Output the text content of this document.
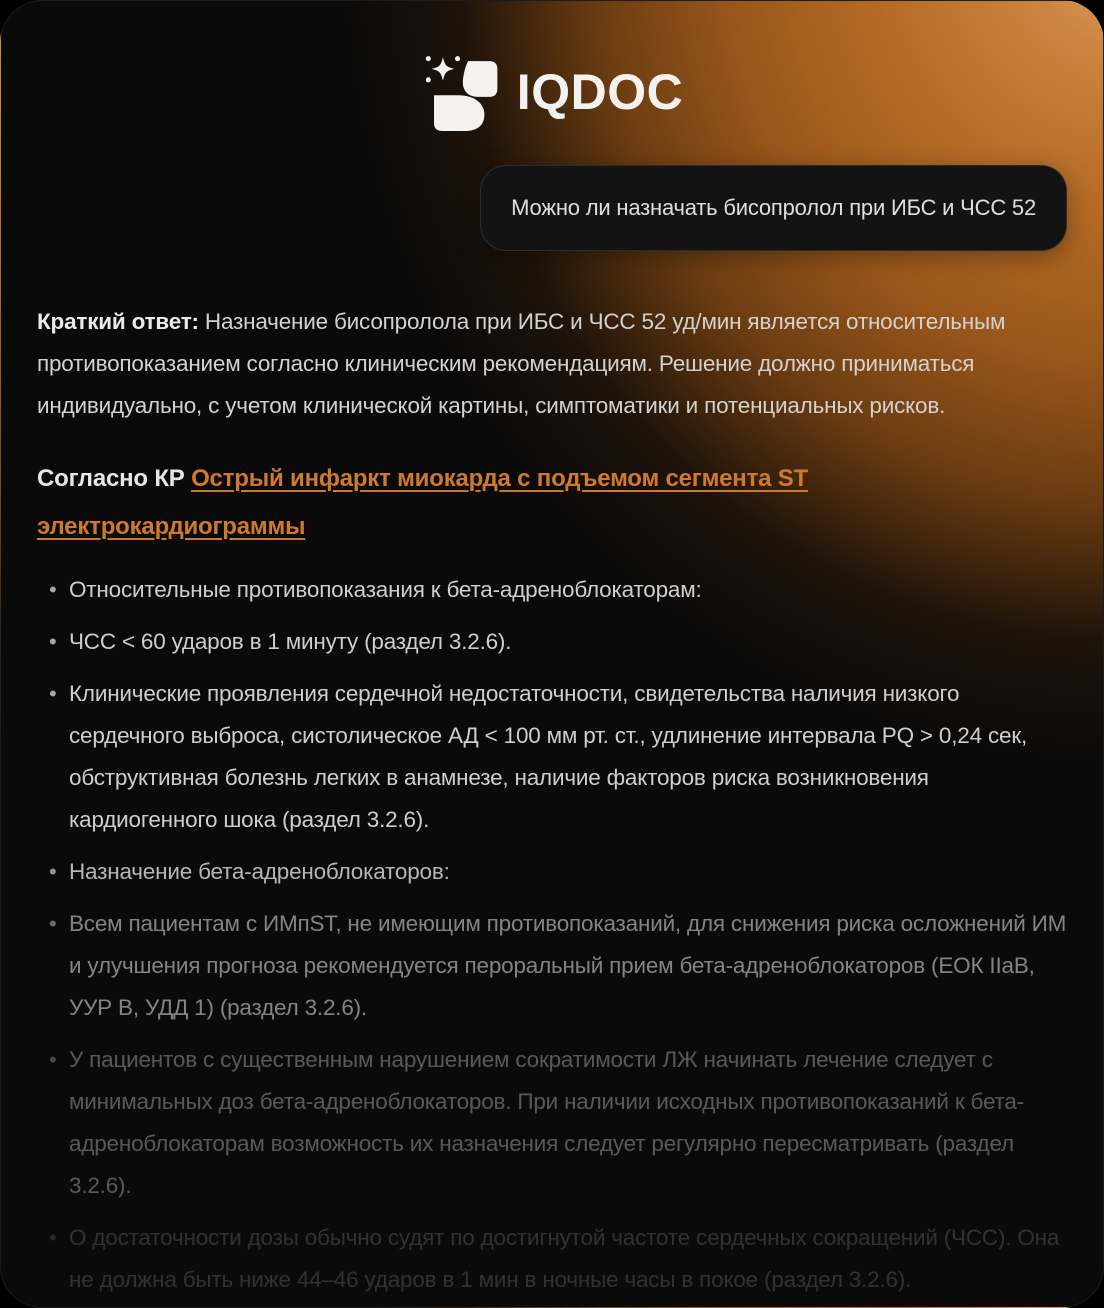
IQDOC
Можно ли назначать бисопролол при ИБС и ЧСС 52

Краткий ответ: Назначение бисопролола при ИБС и ЧСС 52 уд/мин является относительным противопоказанием согласно клиническим рекомендациям. Решение должно приниматься индивидуально, с учетом клинической картины, симптоматики и потенциальных рисков.

Согласно КР Острый инфаркт миокарда с подъемом сегмента ST электрокардиограммы
• Относительные противопоказания к бета-адреноблокаторам:
• ЧСС < 60 ударов в 1 минуту (раздел 3.2.6).
• Клинические проявления сердечной недостаточности, свидетельства наличия низкого сердечного выброса, систолическое АД < 100 мм рт. ст., удлинение интервала PQ > 0,24 сек, обструктивная болезнь легких в анамнезе, наличие факторов риска возникновения кардиогенного шока (раздел 3.2.6).
• Назначение бета-адреноблокаторов:
• Всем пациентам с ИМпST, не имеющим противопоказаний, для снижения риска осложнений ИМ и улучшения прогноза рекомендуется пероральный прием бета-адреноблокаторов (ЕОК IIaB, УУР В, УДД 1) (раздел 3.2.6).
• У пациентов с существенным нарушением сократимости ЛЖ начинать лечение следует с минимальных доз бета-адреноблокаторов. При наличии исходных противопоказаний к бета-адреноблокаторам возможность их назначения следует регулярно пересматривать (раздел 3.2.6).
• О достаточности дозы обычно судят по достигнутой частоте сердечных сокращений (ЧСС). Она не должна быть ниже 44–46 ударов в 1 мин в ночные часы в покое (раздел 3.2.6).
